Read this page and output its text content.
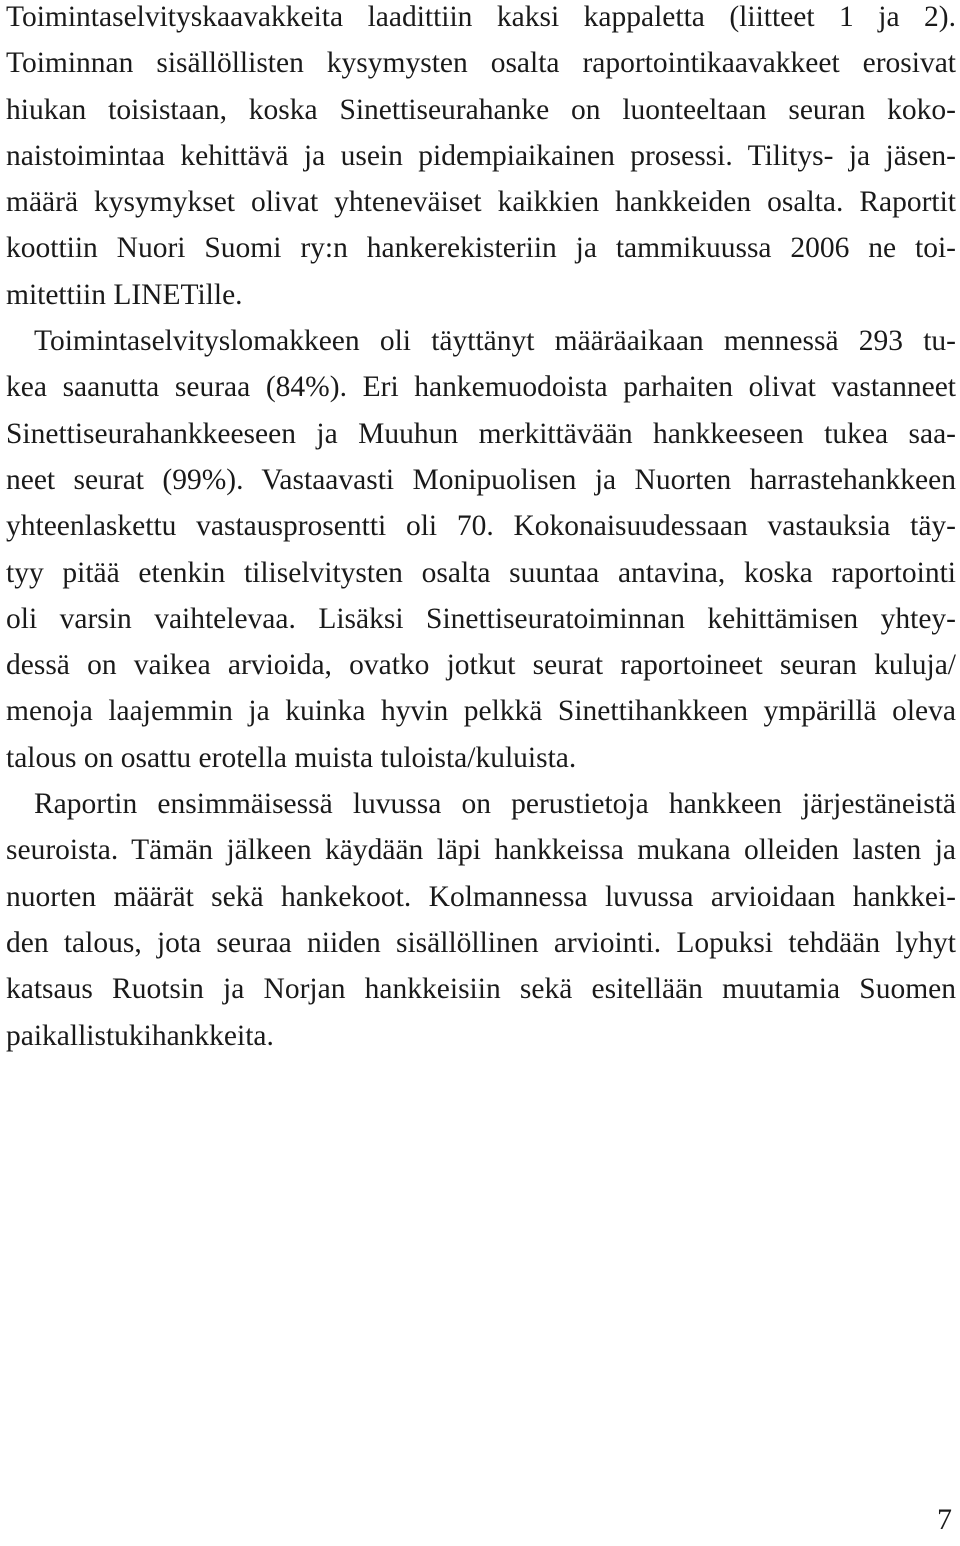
Toimintaselvityskaavakkeita laadittiin kaksi kappaletta (liitteet 1 ja 2).
Toiminnan sisällöllisten kysymysten osalta raportointikaavakkeet erosivat
hiukan toisistaan, koska Sinettiseurahanke on luonteeltaan seuran koko-
naistoimintaa kehittävä ja usein pidempiaikainen prosessi. Tilitys- ja jäsen-
määrä kysymykset olivat yhteneväiset kaikkien hankkeiden osalta. Raportit
koottiin Nuori Suomi ry:n hankerekisteriin ja tammikuussa 2006 ne toi-
mitettiin LINETille.
Toimintaselvityslomakkeen oli täyttänyt määräaikaan mennessä 293 tu-
kea saanutta seuraa (84%). Eri hankemuodoista parhaiten olivat vastanneet
Sinettiseurahankkeeseen ja Muuhun merkittävään hankkeeseen tukea saa-
neet seurat (99%). Vastaavasti Monipuolisen ja Nuorten harrastehankkeen
yhteenlaskettu vastausprosentti oli 70. Kokonaisuudessaan vastauksia täy-
tyy pitää etenkin tiliselvitysten osalta suuntaa antavina, koska raportointi
oli varsin vaihtelevaa. Lisäksi Sinettiseuratoiminnan kehittämisen yhtey-
dessä on vaikea arvioida, ovatko jotkut seurat raportoineet seuran kuluja/
menoja laajemmin ja kuinka hyvin pelkkä Sinettihankkeen ympärillä oleva
talous on osattu erotella muista tuloista/kuluista.
Raportin ensimmäisessä luvussa on perustietoja hankkeen järjestäneistä
seuroista. Tämän jälkeen käydään läpi hankkeissa mukana olleiden lasten ja
nuorten määrät sekä hankekoot. Kolmannessa luvussa arvioidaan hankkei-
den talous, jota seuraa niiden sisällöllinen arviointi. Lopuksi tehdään lyhyt
katsaus Ruotsin ja Norjan hankkeisiin sekä esitellään muutamia Suomen
paikallistukihankkeita.
7
